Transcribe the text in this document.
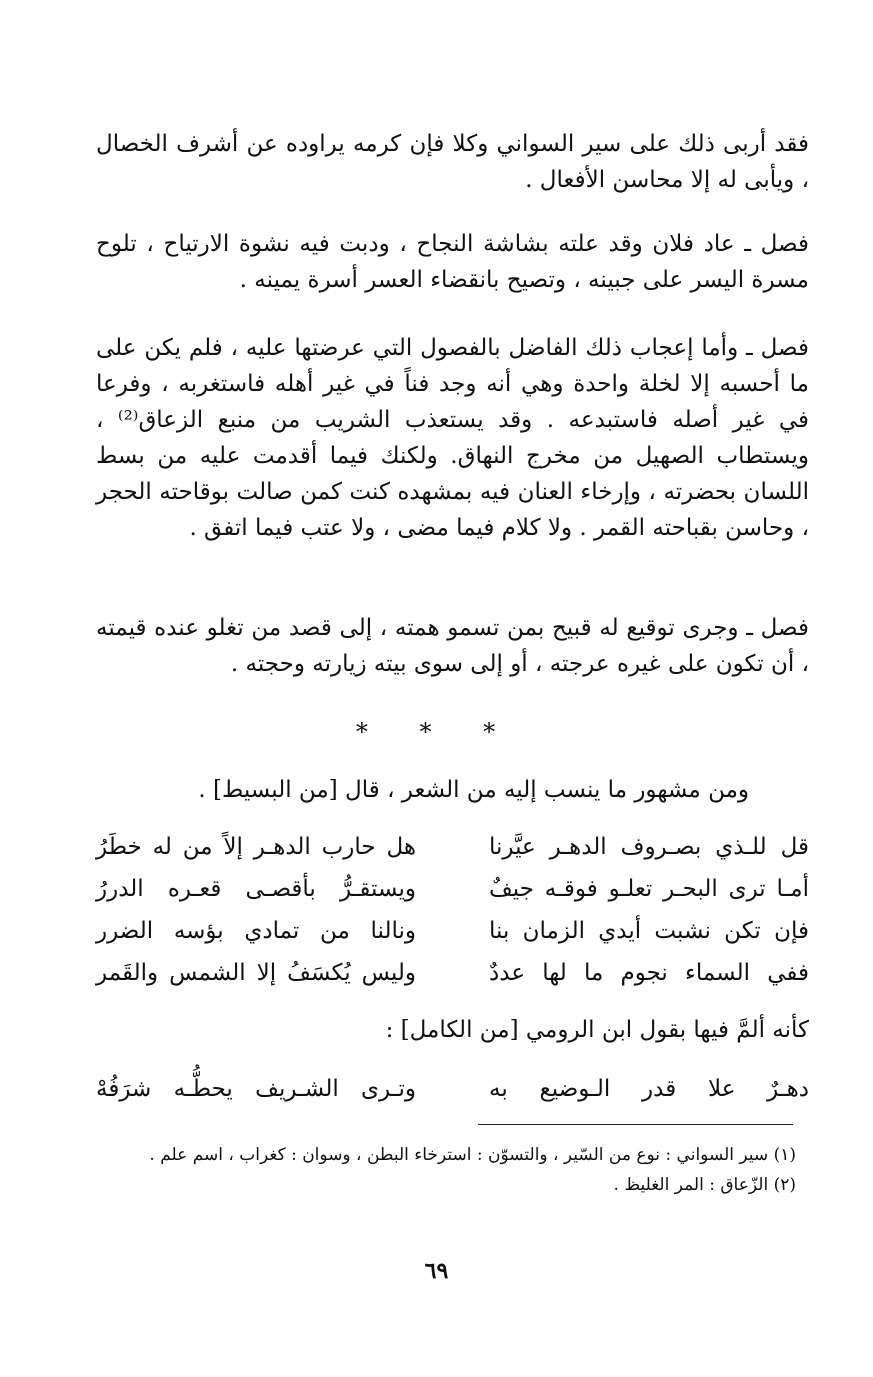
فقد أربى ذلك على سير السواني وكلا فإن كرمه يراوده عن أشرف الخصال ، ويأبى له إلا محاسن الأفعال .

فصل ـ عاد فلان وقد علته بشاشة النجاح ، ودبت فيه نشوة الارتياح ، تلوح مسرة اليسر على جبينه ، وتصيح بانقضاء العسر أسرة يمينه .

فصل ـ وأما إعجاب ذلك الفاضل بالفصول التي عرضتها عليه ، فلم يكن على ما أحسبه إلا لخلة واحدة وهي أنه وجد فناً في غير أهله فاستغربه ، وفرعا في غير أصله فاستبدعه . وقد يستعذب الشريب من منبع الزعاق⁽²⁾ ، ويستطاب الصهيل من مخرج النهاق. ولكنك فيما أقدمت عليه من بسط اللسان بحضرته ، وإرخاء العنان فيه بمشهده كنت كمن صالت بوقاحته الحجر ، وحاسن بقباحته القمر . ولا كلام فيما مضى ، ولا عتب فيما اتفق .

فصل ـ وجرى توقيع له قبيح بمن تسمو همته ، إلى قصد من تغلو عنده قيمته ، أن تكون على غيره عرجته ، أو إلى سوى بيته زيارته وحجته .

* * *

ومن مشهور ما ينسب إليه من الشعر ، قال [من البسيط] .

قل للـذي بصـروف الدهـر عيَّرنا
هل حارب الدهـر إلاً من له خطَرُ
أمـا ترى البحـر تعلـو فوقـه جيفٌ
ويستقـرُّ بأقصـى قعـره الدررُ
فإن تكن نشبت أيدي الزمان بنا
ونالنا من تمادي بؤسه الضرر
ففي السماء نجوم ما لها عددٌ
وليس يُكسَفُ إلا الشمس والقَمر

كأنه ألمَّ فيها بقول ابن الرومي [من الكامل] :

دهـرٌ علا قدر الـوضيع به
وتـرى الشـريف يحطُّـه شرَفُهْ

(١) سير السواني : نوع من السّير ، والتسوّن : استرخاء البطن ، وسوان : كغراب ، اسم علم .

(٢) الزّعاق : المر الغليظ .

٦٩
